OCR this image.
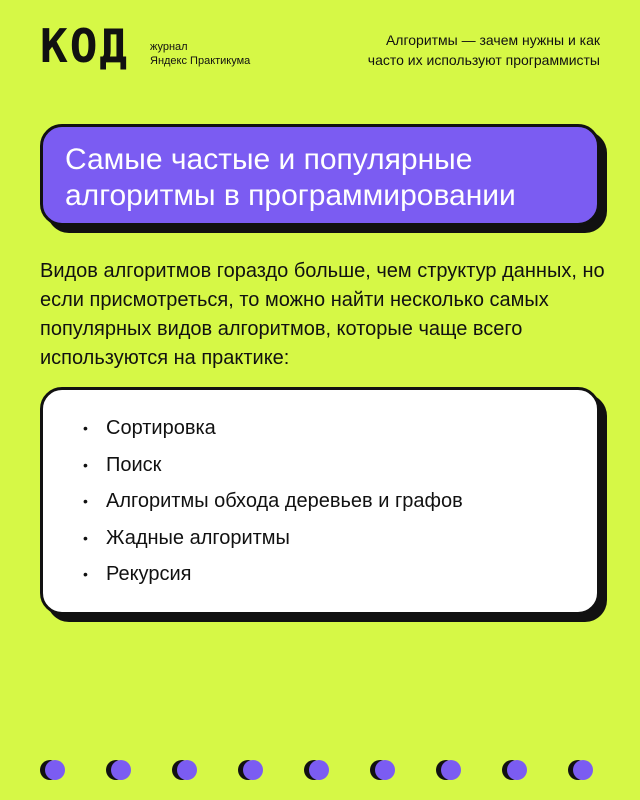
КОД журнал
Яндекс Практикума
Алгоритмы — зачем нужны и как
часто их используют программисты
Самые частые и популярные
алгоритмы в программировании
Видов алгоритмов гораздо больше, чем структур данных, но если присмотреться, то можно найти несколько самых популярных видов алгоритмов, которые чаще всего используются на практике:
• Сортировка
• Поиск
• Алгоритмы обхода деревьев и графов
• Жадные алгоритмы
• Рекурсия
